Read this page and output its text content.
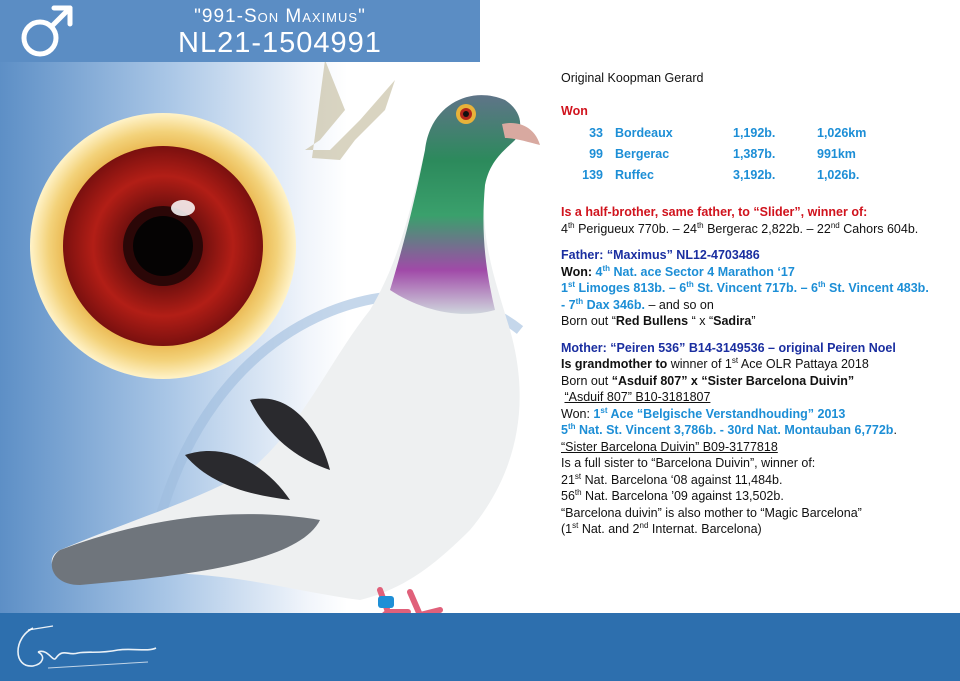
"991-Son Maximus"
NL21-1504991

Original Koopman Gerard

Won

33	Bordeaux	1,192b.	1,026km
99	Bergerac	1,387b.	991km
139	Ruffec	3,192b.	1,026b.

Is a half-brother, same father, to “Slider”, winner of:

4th Perigueux 770b. – 24th Bergerac 2,822b. – 22nd Cahors 604b.

Father: “Maximus” NL12-4703486

Won: 4th Nat. ace Sector 4 Marathon ‘17

1st Limoges 813b. – 6th St. Vincent 717b. – 6th St. Vincent 483b.

- 7th Dax 346b. – and so on

Born out “Red Bullens “ x “Sadira”

Mother: “Peiren 536” B14-3149536 – original Peiren Noel

Is grandmother to winner of 1st Ace OLR Pattaya 2018

Born out “Asduif 807” x “Sister Barcelona Duivin”

“Asduif 807” B10-3181807

Won: 1st Ace “Belgische Verstandhouding” 2013

5th Nat. St. Vincent 3,786b. - 30rd Nat. Montauban 6,772b.

“Sister Barcelona Duivin” B09-3177818

Is a full sister to “Barcelona Duivin”, winner of:

21st Nat. Barcelona ‘08 against 11,484b.

56th Nat. Barcelona ’09 against 13,502b.

“Barcelona duivin” is also mother to “Magic Barcelona”

(1st Nat. and 2nd Internat. Barcelona)
